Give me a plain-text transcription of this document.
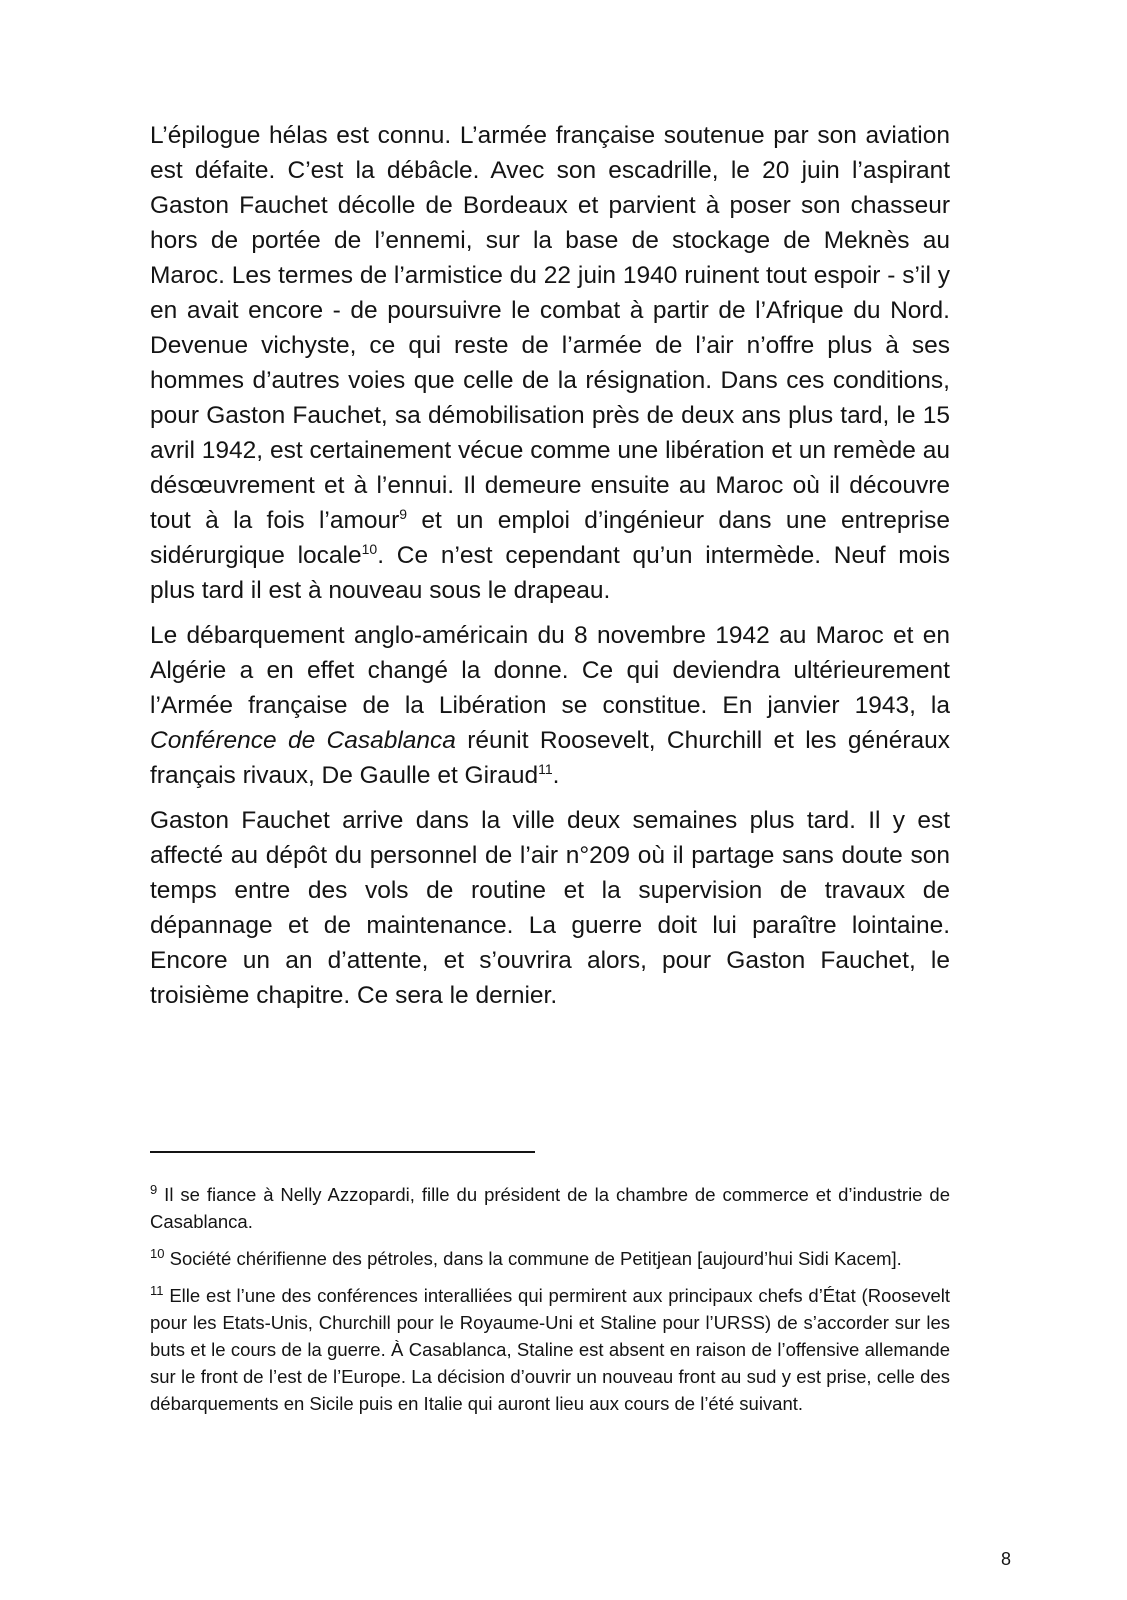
L’épilogue hélas est connu. L’armée française soutenue par son aviation est défaite. C’est la débâcle. Avec son escadrille, le 20 juin l’aspirant Gaston Fauchet décolle de Bordeaux et parvient à poser son chasseur hors de portée de l’ennemi, sur la base de stockage de Meknès au Maroc. Les termes de l’armistice du 22 juin 1940 ruinent tout espoir - s’il y en avait encore - de poursuivre le combat à partir de l’Afrique du Nord. Devenue vichyste, ce qui reste de l’armée de l’air n’offre plus à ses hommes d’autres voies que celle de la résignation. Dans ces conditions, pour Gaston Fauchet, sa démobilisation près de deux ans plus tard, le 15 avril 1942, est certainement vécue comme une libération et un remède au désœuvrement et à l’ennui. Il demeure ensuite au Maroc où il découvre tout à la fois l’amour$^9$ et un emploi d’ingénieur dans une entreprise sidérurgique locale$^{10}$. Ce n’est cependant qu’un intermède. Neuf mois plus tard il est à nouveau sous le drapeau.

Le débarquement anglo-américain du 8 novembre 1942 au Maroc et en Algérie a en effet changé la donne. Ce qui deviendra ultérieurement l’Armée française de la Libération se constitue. En janvier 1943, la Conférence de Casablanca réunit Roosevelt, Churchill et les généraux français rivaux, De Gaulle et Giraud$^{11}$.

Gaston Fauchet arrive dans la ville deux semaines plus tard. Il y est affecté au dépôt du personnel de l’air n°209 où il partage sans doute son temps entre des vols de routine et la supervision de travaux de dépannage et de maintenance. La guerre doit lui paraître lointaine. Encore un an d’attente, et s’ouvrira alors, pour Gaston Fauchet, le troisième chapitre. Ce sera le dernier.

$^9$ Il se fiance à Nelly Azzopardi, fille du président de la chambre de commerce et d’industrie de Casablanca.

$^{10}$ Société chérifienne des pétroles, dans la commune de Petitjean [aujourd’hui Sidi Kacem].

$^{11}$ Elle est l’une des conférences interalliées qui permirent aux principaux chefs d’État (Roosevelt pour les Etats-Unis, Churchill pour le Royaume-Uni et Staline pour l’URSS) de s’accorder sur les buts et le cours de la guerre. À Casablanca, Staline est absent en raison de l’offensive allemande sur le front de l’est de l’Europe. La décision d’ouvrir un nouveau front au sud y est prise, celle des débarquements en Sicile puis en Italie qui auront lieu aux cours de l’été suivant.

8
